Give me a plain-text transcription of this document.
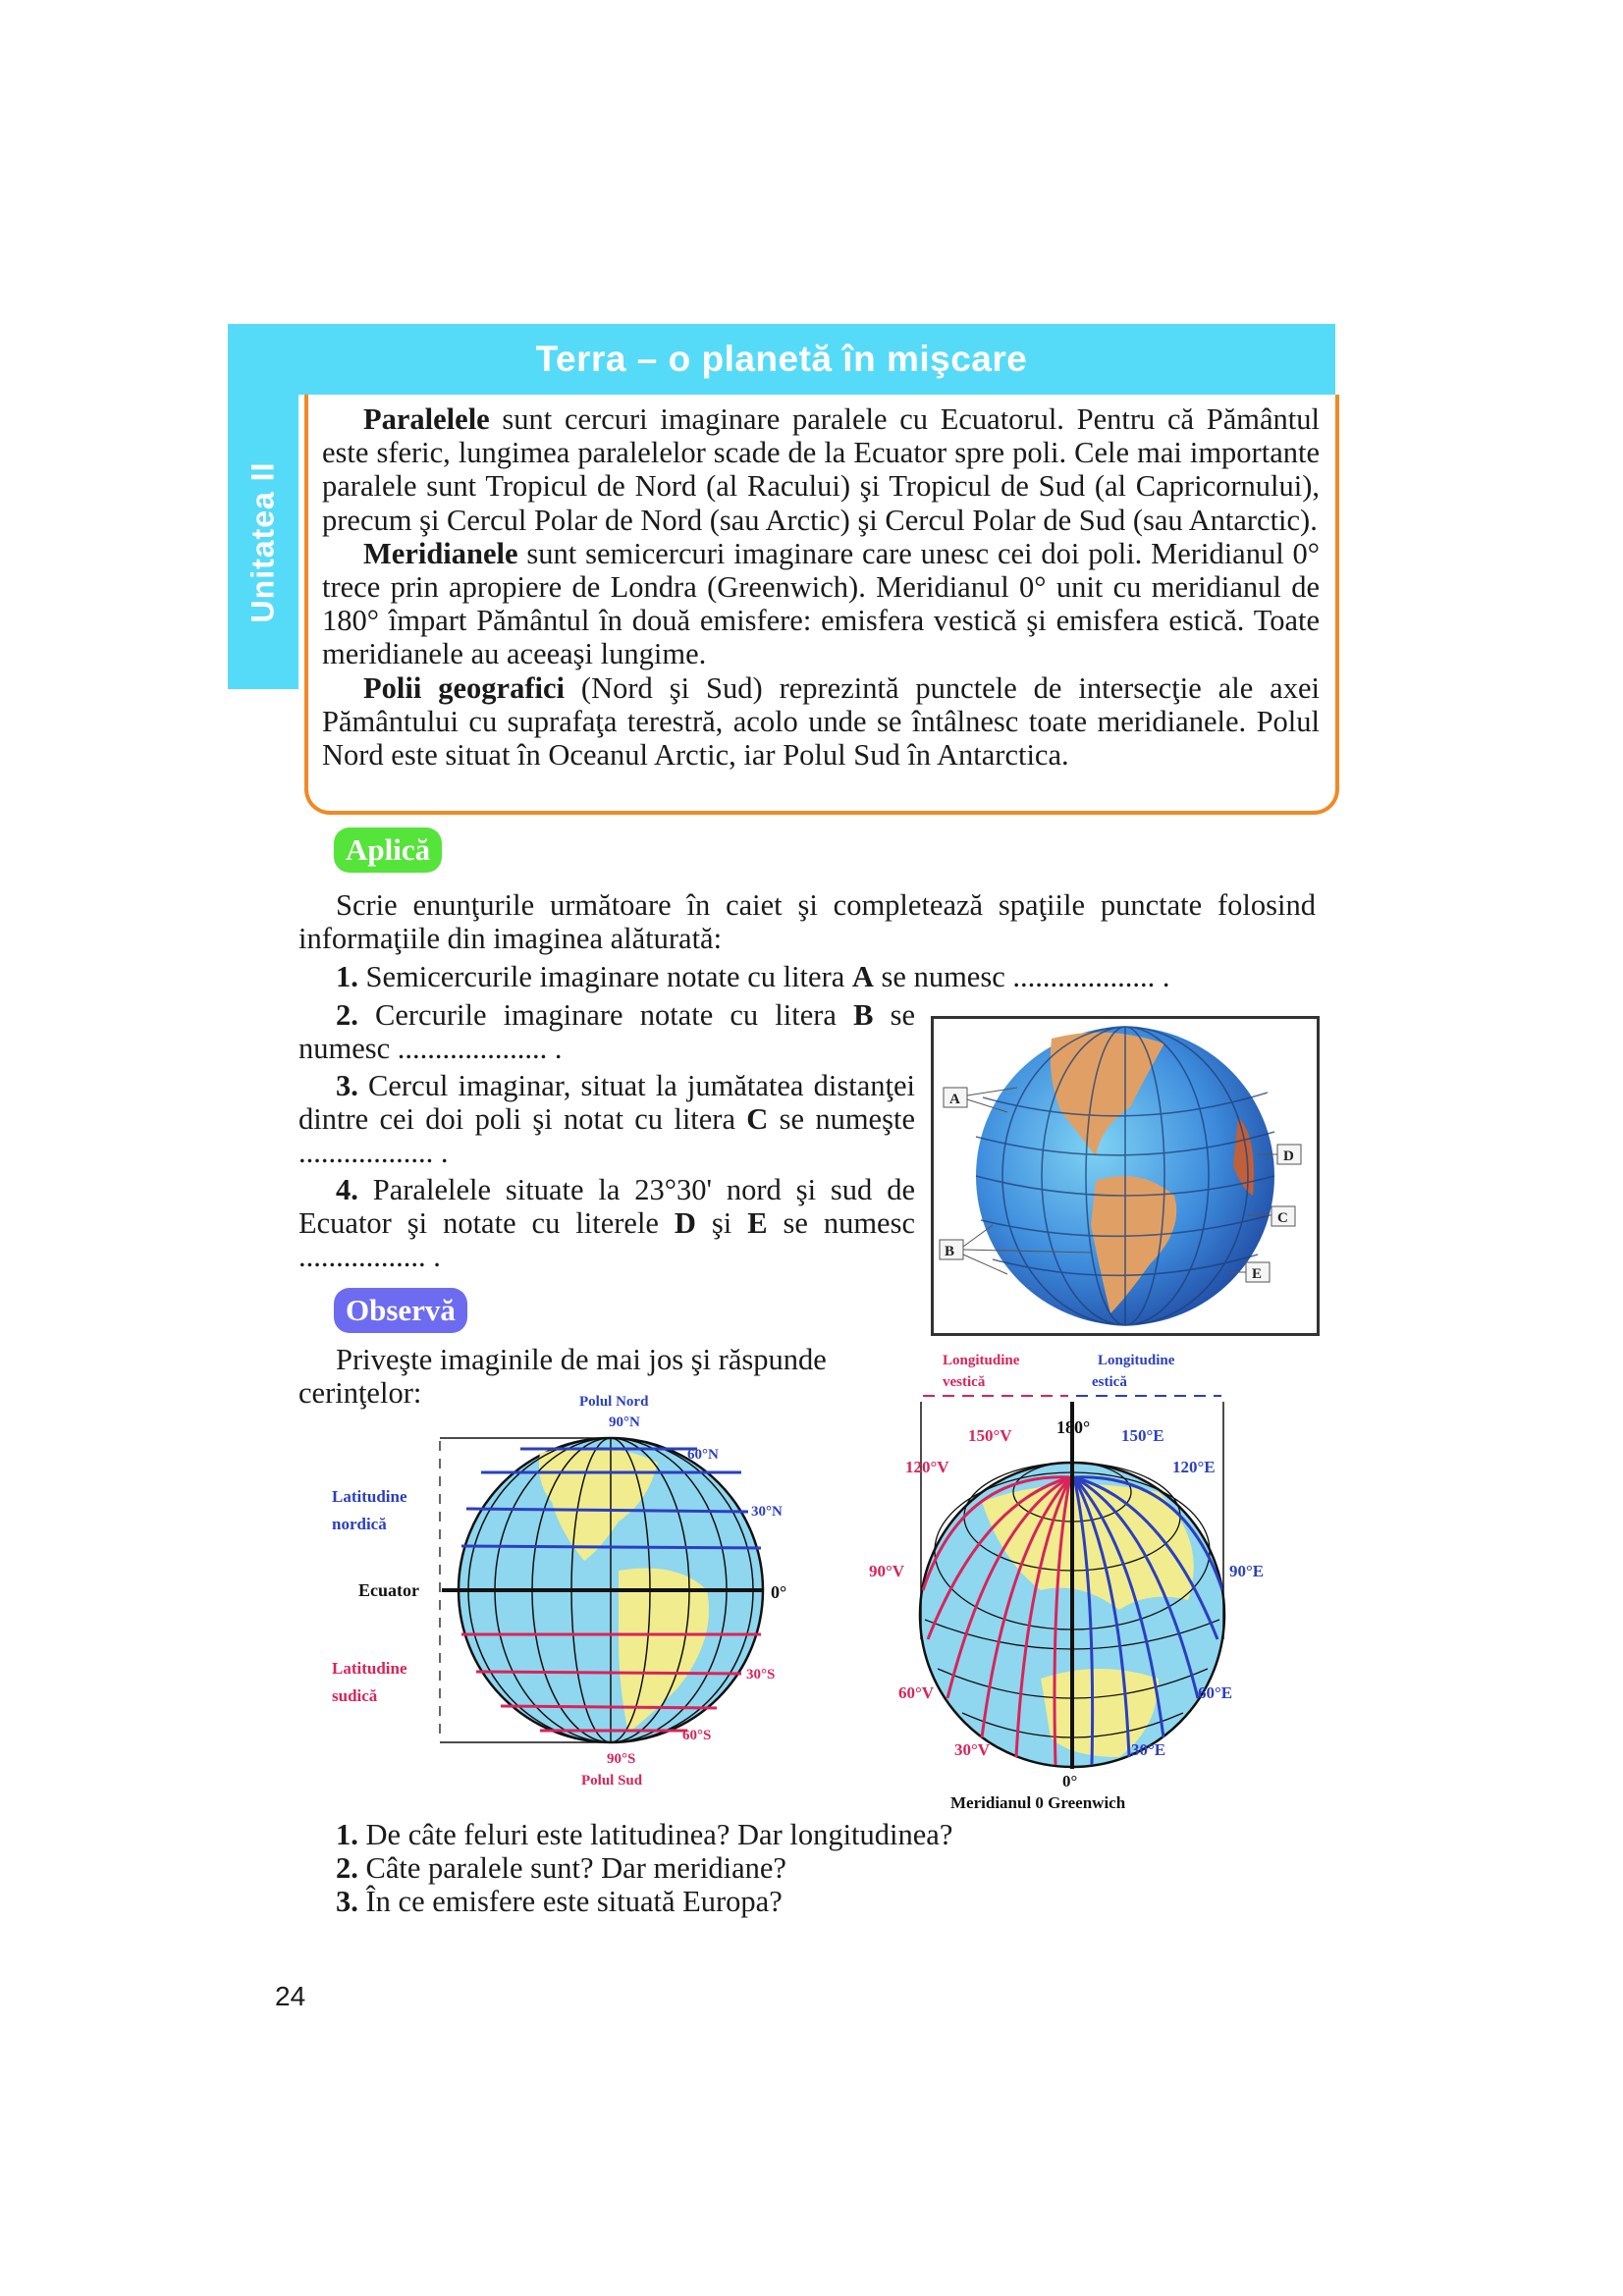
Terra – o planetă în mişcare
Unitatea II

Paralelele sunt cercuri imaginare paralele cu Ecuatorul. Pentru că Pământul este sferic, lungimea paralelelor scade de la Ecuator spre poli. Cele mai importante paralele sunt Tropicul de Nord (al Racului) şi Tropicul de Sud (al Capricornului), precum şi Cercul Polar de Nord (sau Arctic) şi Cercul Polar de Sud (sau Antarctic).

Meridianele sunt semicercuri imaginare care unesc cei doi poli. Meridianul 0° trece prin apropiere de Londra (Greenwich). Meridianul 0° unit cu meridianul de 180° împart Pământul în două emisfere: emisfera vestică şi emisfera estică. Toate meridianele au aceeaşi lungime.

Polii geografici (Nord şi Sud) reprezintă punctele de intersecţie ale axei Pământului cu suprafaţa terestră, acolo unde se întâlnesc toate meridianele. Polul Nord este situat în Oceanul Arctic, iar Polul Sud în Antarctica.

Aplică

Scrie enunţurile următoare în caiet şi completează spaţiile punctate folosind informaţiile din imaginea alăturată:

1. Semicercurile imaginare notate cu litera A se numesc ................... .

2. Cercurile imaginare notate cu litera B se numesc .................... .

3. Cercul imaginar, situat la jumătatea distanţei dintre cei doi poli şi notat cu litera C se numeşte .................. .

4. Paralelele situate la 23°30' nord şi sud de Ecuator şi notate cu literele D şi E se numesc ................. .

A
B
D
C
E
Observă

Priveşte imaginile de mai jos şi răspunde cerinţelor:	Polul Nord
90°N
60°N
30°N
Latitudine
nordică
Ecuator	0°
30°S
60°S
Latitudine
sudică
90°S
Polul Sud
Longitudine
vestică
Longitudine
estică
180°
150°V
120°V
90°V
60°V
30°V
150°E
120°E
90°E
60°E
30°E
0°
Meridianul 0 Greenwich

1. De câte feluri este latitudinea? Dar longitudinea?

2. Câte paralele sunt? Dar meridiane?

3. În ce emisfere este situată Europa?

24
